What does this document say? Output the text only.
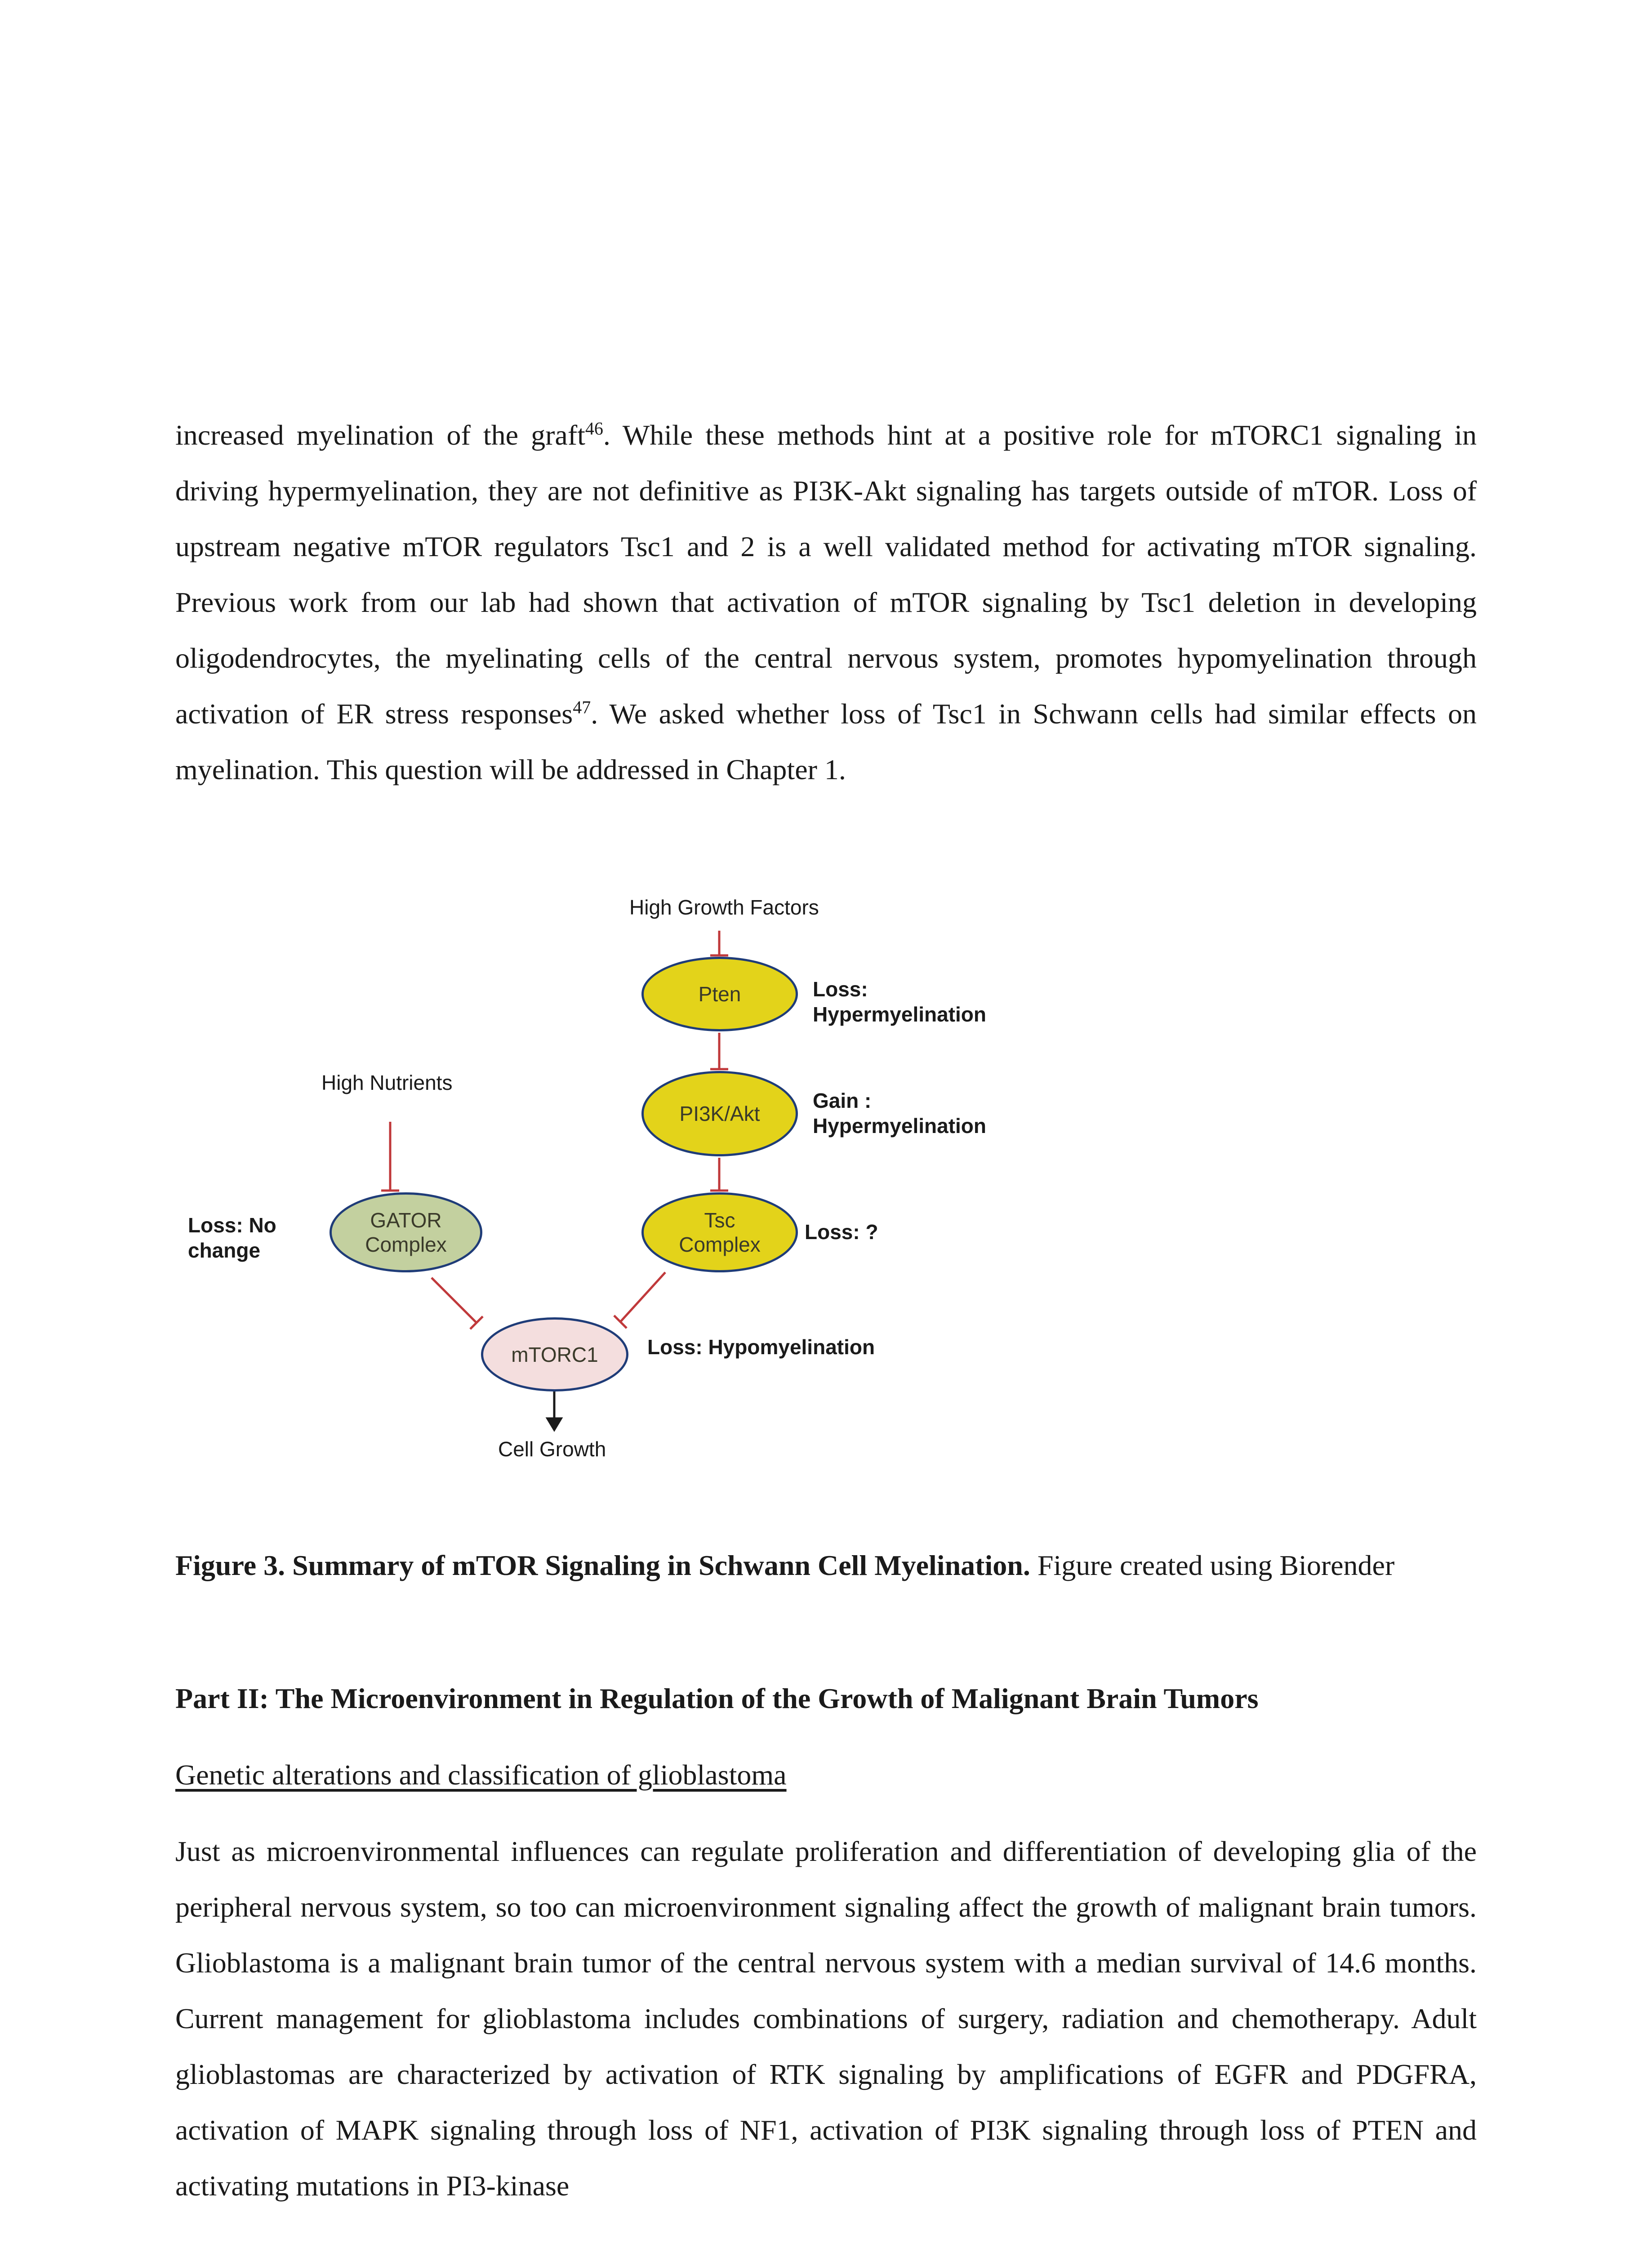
increased myelination of the graft$^{46}$. While these methods hint at a positive role for mTORC1 signaling in driving hypermyelination, they are not definitive as PI3K-Akt signaling has targets outside of mTOR. Loss of upstream negative mTOR regulators Tsc1 and 2 is a well validated method for activating mTOR signaling. Previous work from our lab had shown that activation of mTOR signaling by Tsc1 deletion in developing oligodendrocytes, the myelinating cells of the central nervous system, promotes hypomyelination through activation of ER stress responses$^{47}$. We asked whether loss of Tsc1 in Schwann cells had similar effects on myelination. This question will be addressed in Chapter 1.

High Growth Factors
High Nutrients
Cell Growth
Pten
PI3K/Akt
Tsc
Complex
GATOR
Complex
mTORC1
Loss:
Hypermyelination
Gain :
Hypermyelination
Loss: ?
Loss: No
change
Loss: Hypomyelination

Figure 3. Summary of mTOR Signaling in Schwann Cell Myelination. Figure created using Biorender

Part II: The Microenvironment in Regulation of the Growth of Malignant Brain Tumors

Genetic alterations and classification of glioblastoma

Just as microenvironmental influences can regulate proliferation and differentiation of developing glia of the peripheral nervous system, so too can microenvironment signaling affect the growth of malignant brain tumors. Glioblastoma is a malignant brain tumor of the central nervous system with a median survival of 14.6 months. Current management for glioblastoma includes combinations of surgery, radiation and chemotherapy. Adult glioblastomas are characterized by activation of RTK signaling by amplifications of EGFR and PDGFRA, activation of MAPK signaling through loss of NF1, activation of PI3K signaling through loss of PTEN and activating mutations in PI3-kinase
